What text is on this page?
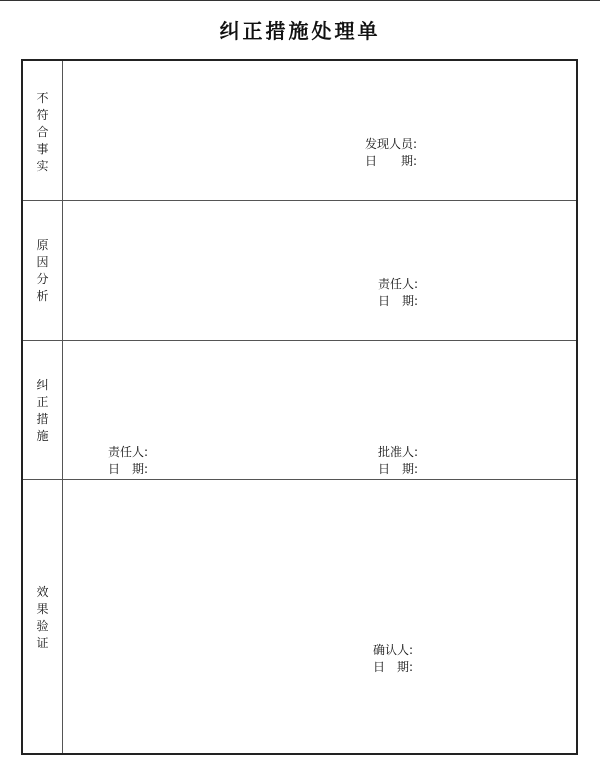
纠正措施处理单
不
符
合
事
实
发现人员:
日　　期:
原
因
分
析
责任人:
日　期:
纠
正
措
施
责任人:
日　期:
批准人:
日　期:
效
果
验
证	确认人:
日　期:
